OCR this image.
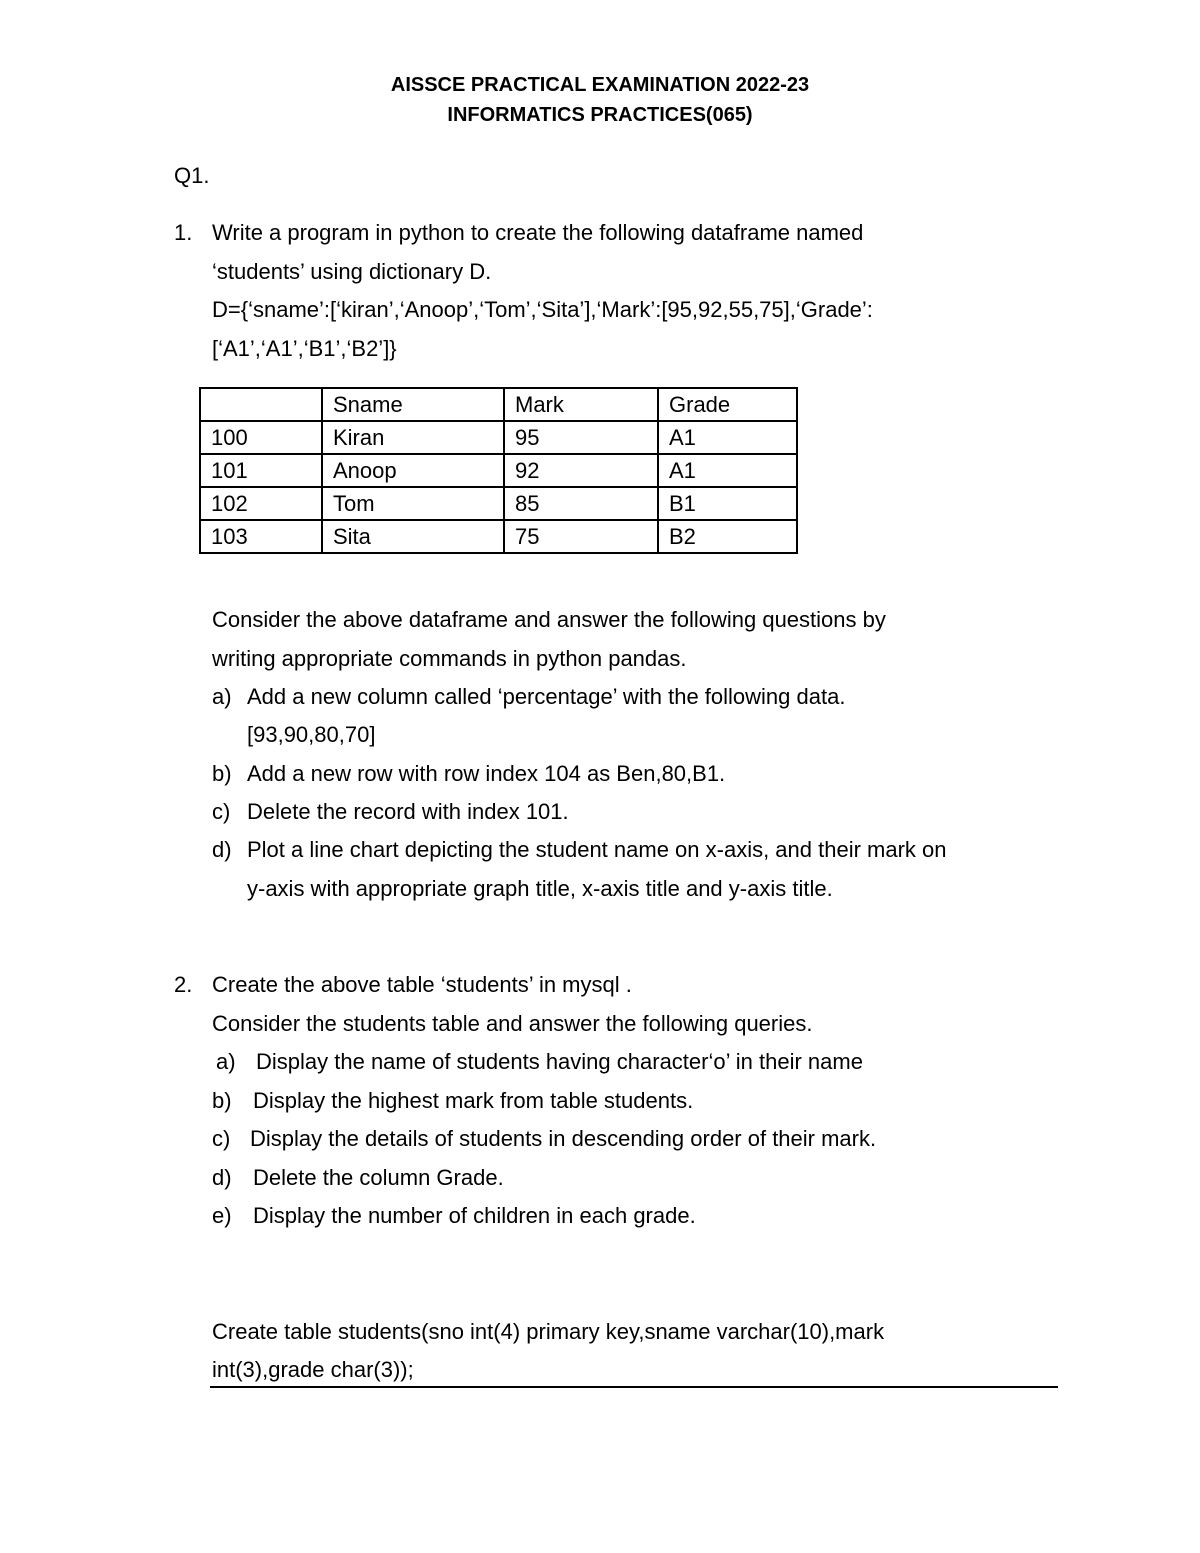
AISSCE PRACTICAL EXAMINATION 2022-23
INFORMATICS PRACTICES(065)
Q1.
1. Write a program in python to create the following dataframe named
‘students’ using dictionary D.
D={‘sname’:[‘kiran’,‘Anoop’,‘Tom’,‘Sita’],‘Mark’:[95,92,55,75],‘Grade’:
[‘A1’,‘A1’,‘B1’,‘B2’]}
	Sname	Mark	Grade
100	Kiran	95	A1
101	Anoop	92	A1
102	Tom	85	B1
103	Sita	75	B2
Consider the above dataframe and answer the following questions by
writing appropriate commands in python pandas.
a) Add a new column called ‘percentage’ with the following data.
[93,90,80,70]
b) Add a new row with row index 104 as Ben,80,B1.
c) Delete the record with index 101.
d) Plot a line chart depicting the student name on x-axis, and their mark on
y-axis with appropriate graph title, x-axis title and y-axis title.
2. Create the above table ‘students’ in mysql .
Consider the students table and answer the following queries.
a) Display the name of students having character‘o’ in their name
b) Display the highest mark from table students.
c) Display the details of students in descending order of their mark.
d) Delete the column Grade.
e) Display the number of children in each grade.
Create table students(sno int(4) primary key,sname varchar(10),mark
int(3),grade char(3));
